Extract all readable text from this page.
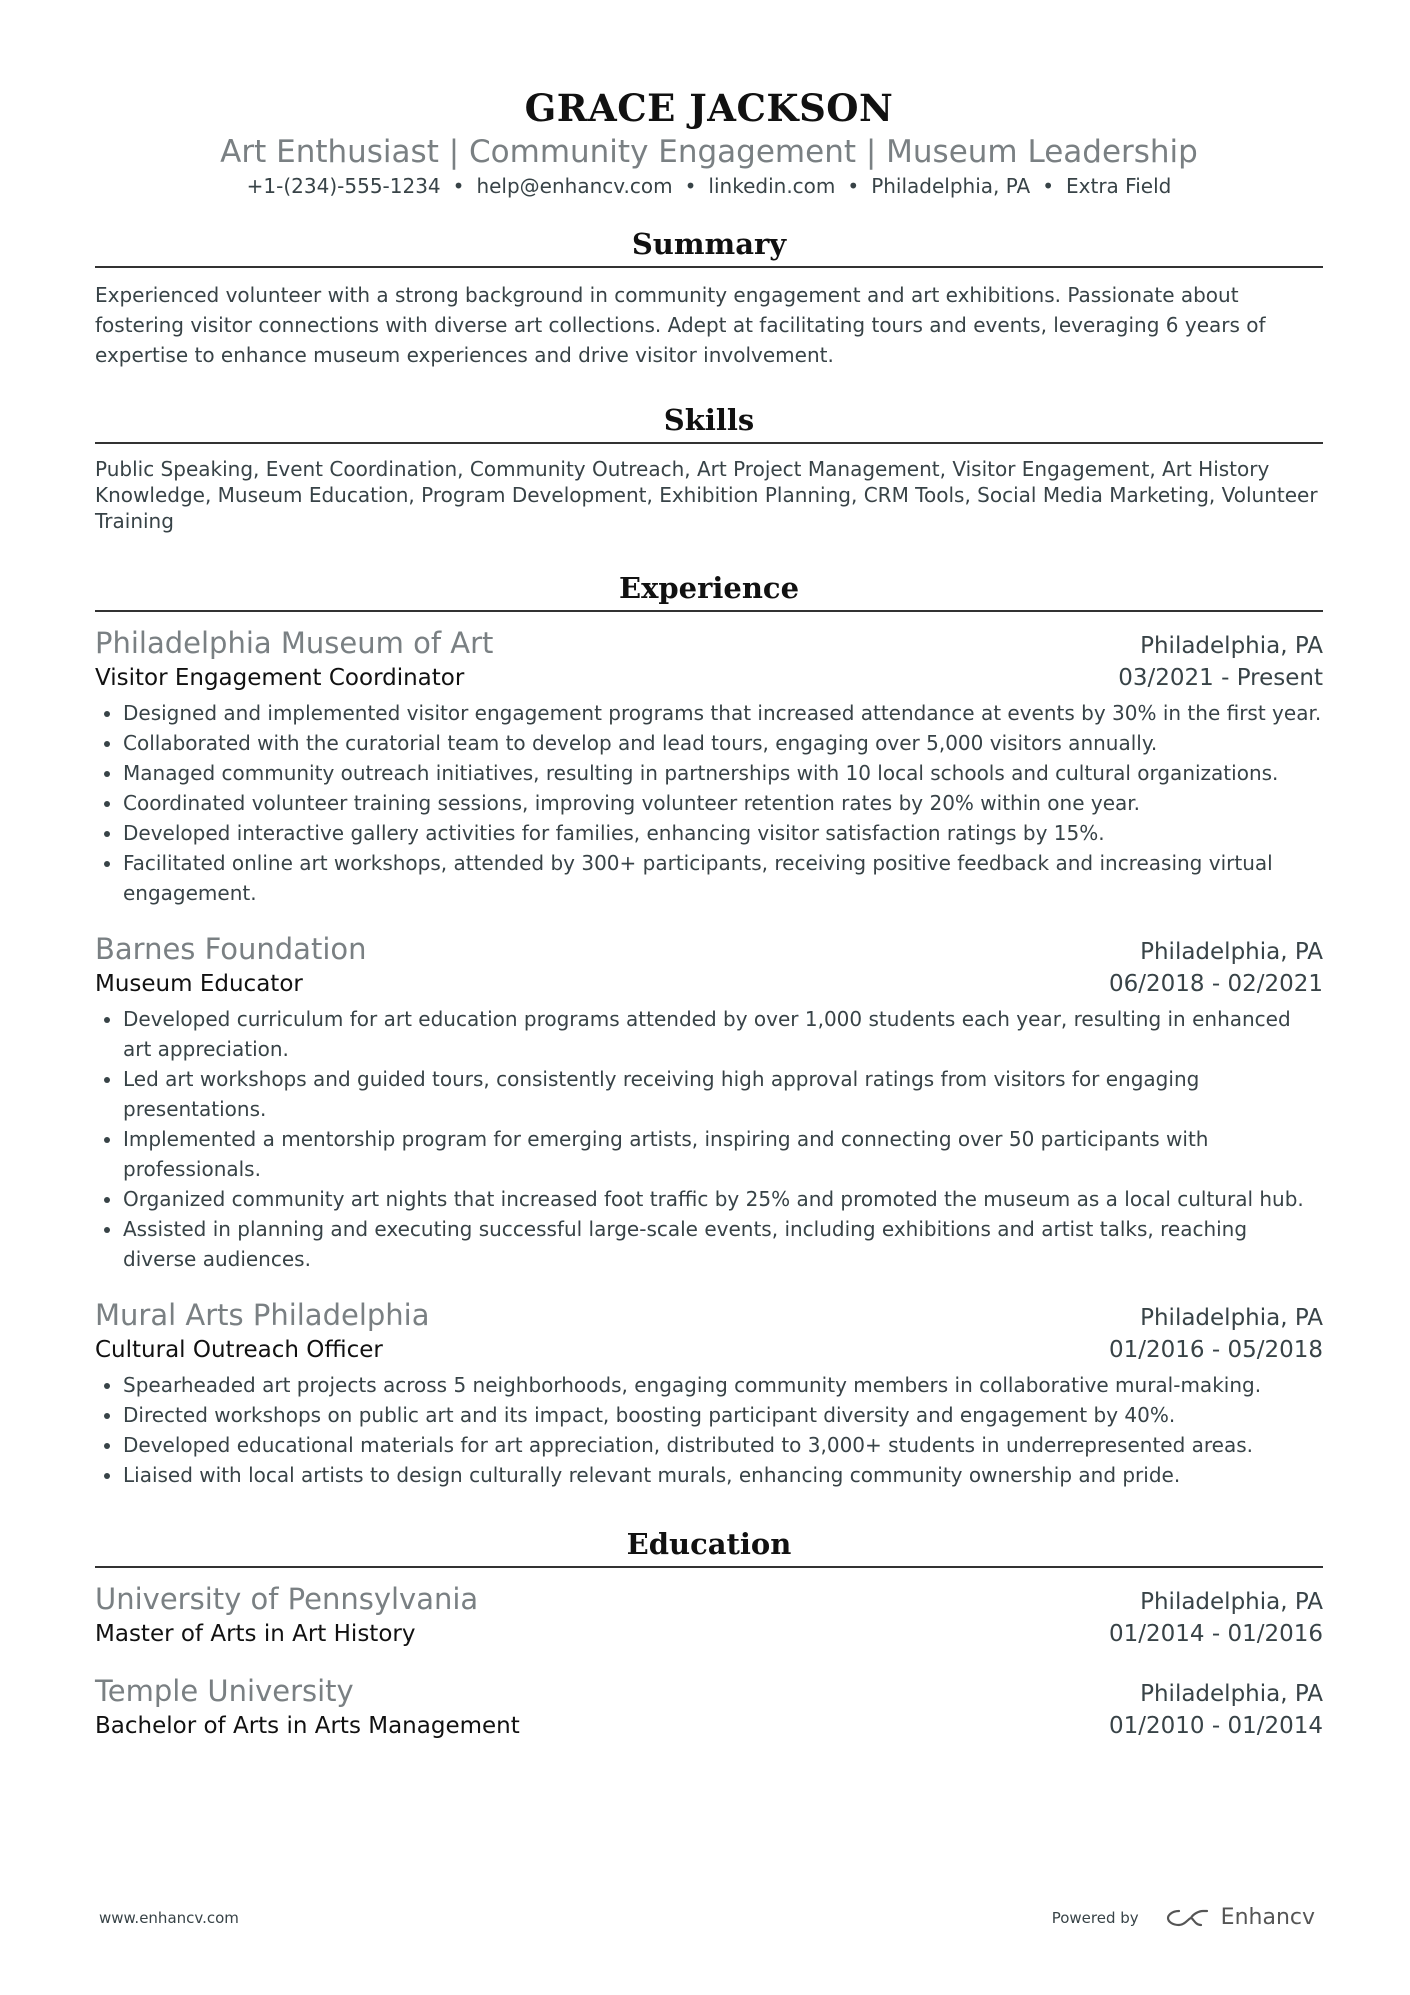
GRACE JACKSON
Art Enthusiast | Community Engagement | Museum Leadership
+1-(234)-555-1234 • help@enhancv.com • linkedin.com • Philadelphia, PA • Extra Field
Summary
Experienced volunteer with a strong background in community engagement and art exhibitions. Passionate about fostering visitor connections with diverse art collections. Adept at facilitating tours and events, leveraging 6 years of expertise to enhance museum experiences and drive visitor involvement.
Skills
Public Speaking, Event Coordination, Community Outreach, Art Project Management, Visitor Engagement, Art History Knowledge, Museum Education, Program Development, Exhibition Planning, CRM Tools, Social Media Marketing, Volunteer Training
Experience
Philadelphia Museum of Art	Philadelphia, PA
Visitor Engagement Coordinator	03/2021 - Present
• Designed and implemented visitor engagement programs that increased attendance at events by 30% in the first year.
• Collaborated with the curatorial team to develop and lead tours, engaging over 5,000 visitors annually.
• Managed community outreach initiatives, resulting in partnerships with 10 local schools and cultural organizations.
• Coordinated volunteer training sessions, improving volunteer retention rates by 20% within one year.
• Developed interactive gallery activities for families, enhancing visitor satisfaction ratings by 15%.
• Facilitated online art workshops, attended by 300+ participants, receiving positive feedback and increasing virtual engagement.
Barnes Foundation	Philadelphia, PA
Museum Educator	06/2018 - 02/2021
• Developed curriculum for art education programs attended by over 1,000 students each year, resulting in enhanced art appreciation.
• Led art workshops and guided tours, consistently receiving high approval ratings from visitors for engaging presentations.
• Implemented a mentorship program for emerging artists, inspiring and connecting over 50 participants with professionals.
• Organized community art nights that increased foot traffic by 25% and promoted the museum as a local cultural hub.
• Assisted in planning and executing successful large-scale events, including exhibitions and artist talks, reaching diverse audiences.
Mural Arts Philadelphia	Philadelphia, PA
Cultural Outreach Officer	01/2016 - 05/2018
• Spearheaded art projects across 5 neighborhoods, engaging community members in collaborative mural-making.
• Directed workshops on public art and its impact, boosting participant diversity and engagement by 40%.
• Developed educational materials for art appreciation, distributed to 3,000+ students in underrepresented areas.
• Liaised with local artists to design culturally relevant murals, enhancing community ownership and pride.
Education
University of Pennsylvania	Philadelphia, PA
Master of Arts in Art History	01/2014 - 01/2016
Temple University	Philadelphia, PA
Bachelor of Arts in Arts Management	01/2010 - 01/2014
www.enhancv.com	Powered by	Enhancv
